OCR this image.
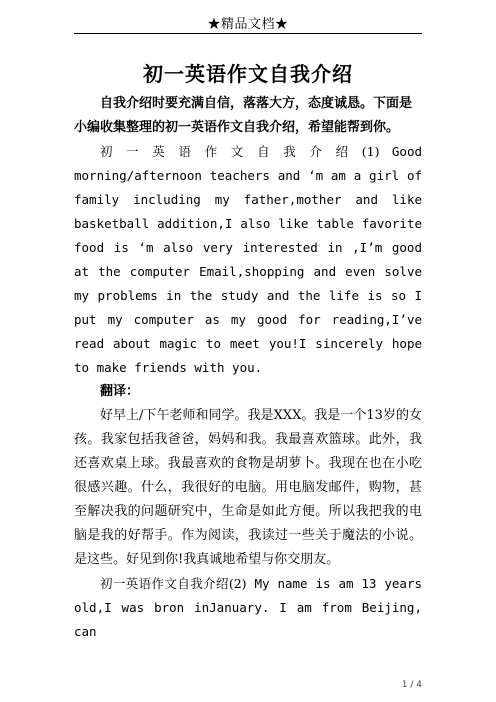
★精品文档★
初一英语作文自我介绍

自我介绍时要充满自信，落落大方，态度诚恳。下面是小编收集整理的初一英语作文自我介绍，希望能帮到你。

初 一 英 语 作 文 自 我 介 绍 (1) Good morning/afternoon teachers and ‘m am a girl of family including my father,mother and like basketball addition,I also like table favorite food is ‘m also very interested in ,I’m good at the computer Email,shopping and even solve my problems in the study and the life is so I put my computer as my good for reading,I’ve read about magic to meet you!I sincerely hope to make friends with you.

翻译：

好早上/下午老师和同学。我是XXX。我是一个13岁的女孩。我家包括我爸爸，妈妈和我。我最喜欢篮球。此外，我还喜欢桌上球。我最喜欢的食物是胡萝卜。我现在也在小吃很感兴趣。什么，我很好的电脑。用电脑发邮件，购物，甚至解决我的问题研究中，生命是如此方便。所以我把我的电脑是我的好帮手。作为阅读，我读过一些关于魔法的小说。是这些。好见到你!我真诚地希望与你交朋友。

初一英语作文自我介绍(2) My name is am 13 years old,I was bron inJanuary. I am from Beijing, can

1 / 4
